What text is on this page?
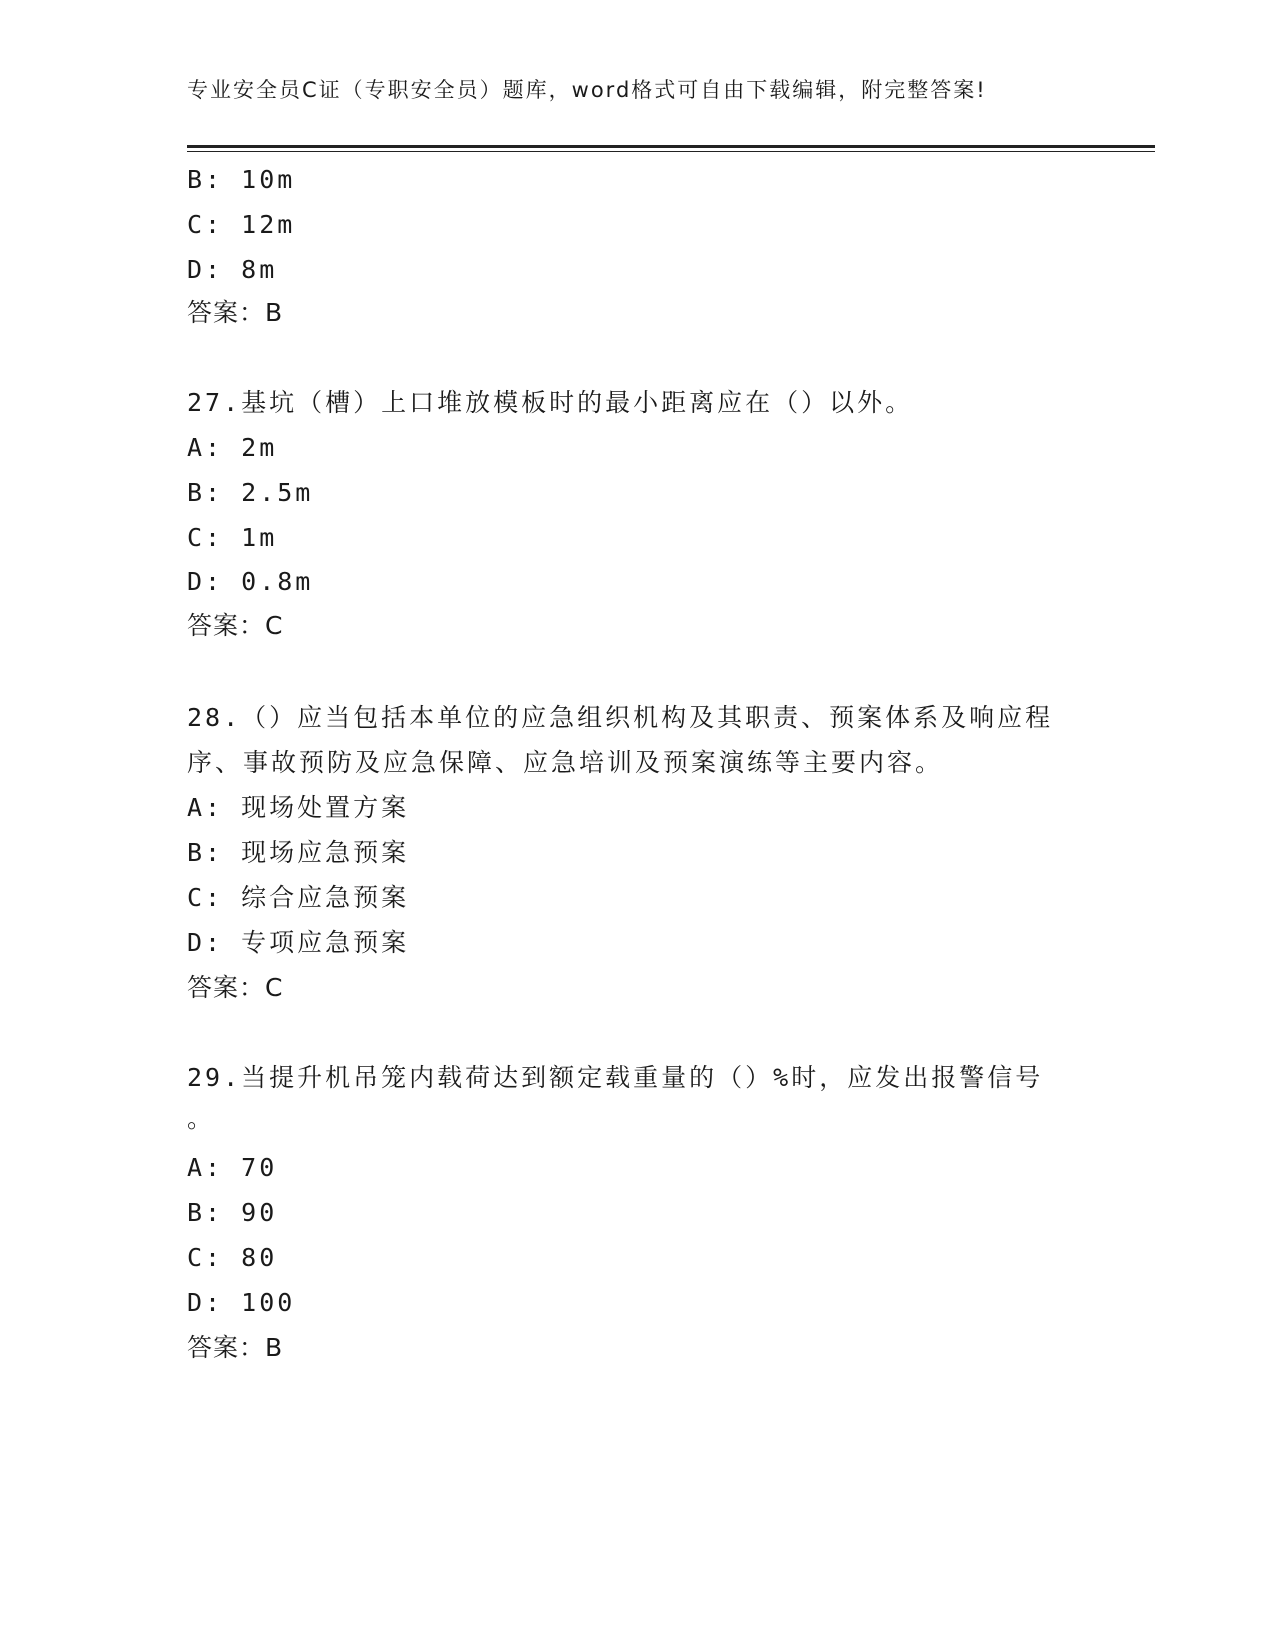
专业安全员C证（专职安全员）题库，word格式可自由下载编辑，附完整答案!
B: 10m
C: 12m
D: 8m
答案：B
27.基坑（槽）上口堆放模板时的最小距离应在（）以外。
A: 2m
B: 2.5m
C: 1m
D: 0.8m
答案：C
28.（）应当包括本单位的应急组织机构及其职责、预案体系及响应程
序、事故预防及应急保障、应急培训及预案演练等主要内容。
A: 现场处置方案
B: 现场应急预案
C: 综合应急预案
D: 专项应急预案
答案：C
29.当提升机吊笼内载荷达到额定载重量的（）%时，应发出报警信号
。
A: 70
B: 90
C: 80
D: 100
答案：B
